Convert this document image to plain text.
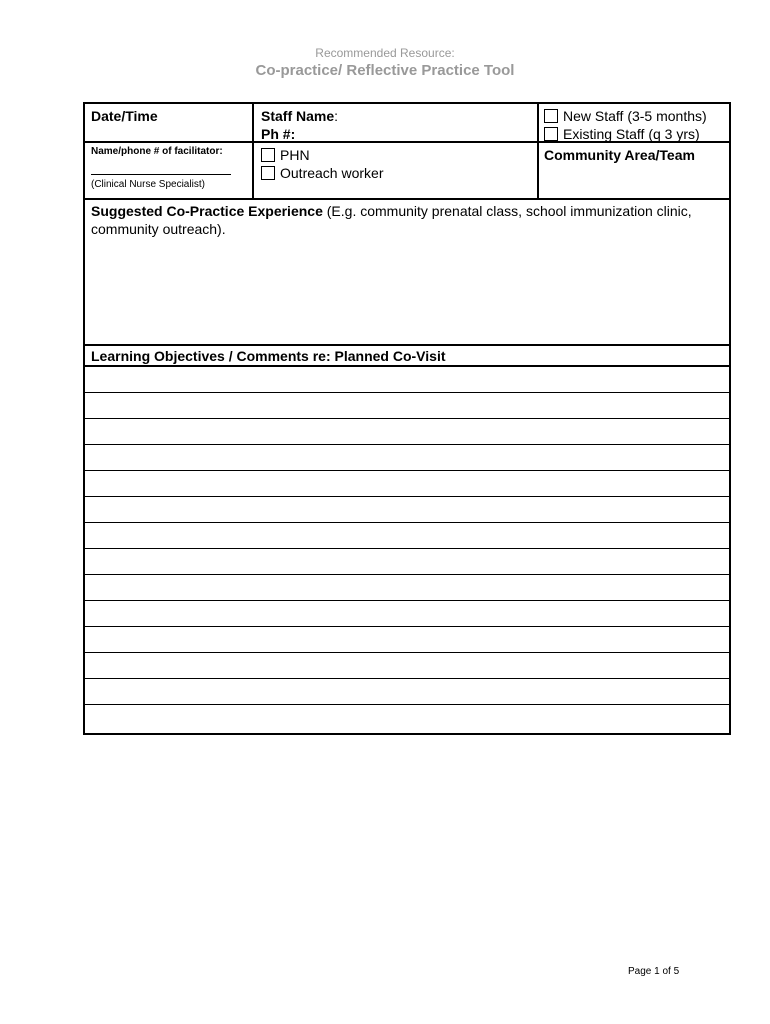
Recommended Resource:
Co-practice/ Reflective Practice Tool
Date/Time	Staff Name:
Ph #:
New Staff (3-5 months)
Existing Staff (q 3 yrs)
Name/phone # of facilitator:
(Clinical Nurse Specialist)
PHN
Outreach worker
Community Area/Team
Suggested Co-Practice Experience (E.g. community prenatal class, school immunization clinic, community outreach).
Learning Objectives / Comments re: Planned Co-Visit
Page 1 of 5
